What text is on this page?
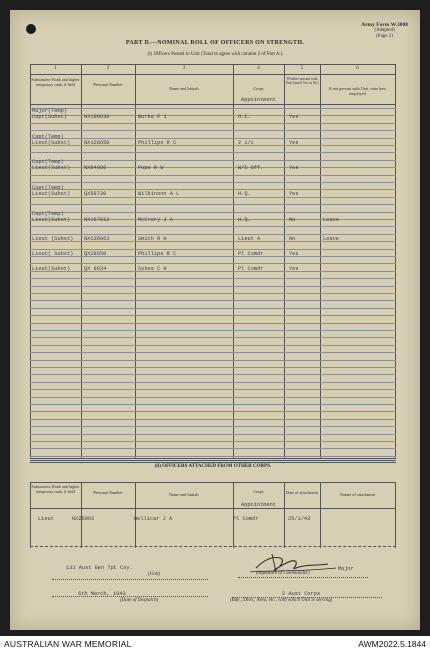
Army Form W.3008
(Adapted)
(Page 2)
PART D.—NOMINAL ROLL OF OFFICERS ON STRENGTH.
(i) Officers Posted to Unit (Total to agree with column 2 of Part A.)
1	2	3	4	5	6
Substantive Rank and higher temporary rank, if held	Personal Number
Name and Initials	Corps
Appointment
Whether present with Unit (insert Yes or No)
If not present with Unit, state how employed
Major(Temp)
Capt(Subst)	NX100630	Burke F J	O.C.	Yes
Capt(Temp)
Lieut(Subst)	NX128650	Phillips R C	2 i/c	Yes
Capt(Temp)
Lieut(Subst)	NX84080	Pope R W	W/S Off.	Yes
Capt(Temp)
Lieut(Subst)	QX58730	Wilkinson A L	H.Q.	Yes
Capt(Temp)
Lieut(Subst)	NX167912	McCrery J A	H.Q.	No	Leave
Lieut (Subst) NX136063	Smith R H	Lieut A	No	Leave
Lieut( Subst) QX28650	Phillips R C	Pl Comdr	Yes
Lieut(Subst)	QX 8634	Sykes C H	Pl Comdr	Yes
(ii) OFFICERS ATTACHED FROM OTHER CORPS.
Substantive Rank and higher temporary rank, if held	Personal Number	Name and Initials
Corps
Appointment
Date of attachment	Nature of attachment
Lieut	NX25991	Hellicar J A	Pl Comdr	25/1/43
131 Aust Gen Tpt Coy.
(Unit)
6th March, 1943
(Date of Despatch)
(Signature of Commander)
Major
2 Aust Corps
(Bde., Divn., Area, etc., with which Unit is serving)
AUSTRALIAN WAR MEMORIAL	AWM2022.5.1844
